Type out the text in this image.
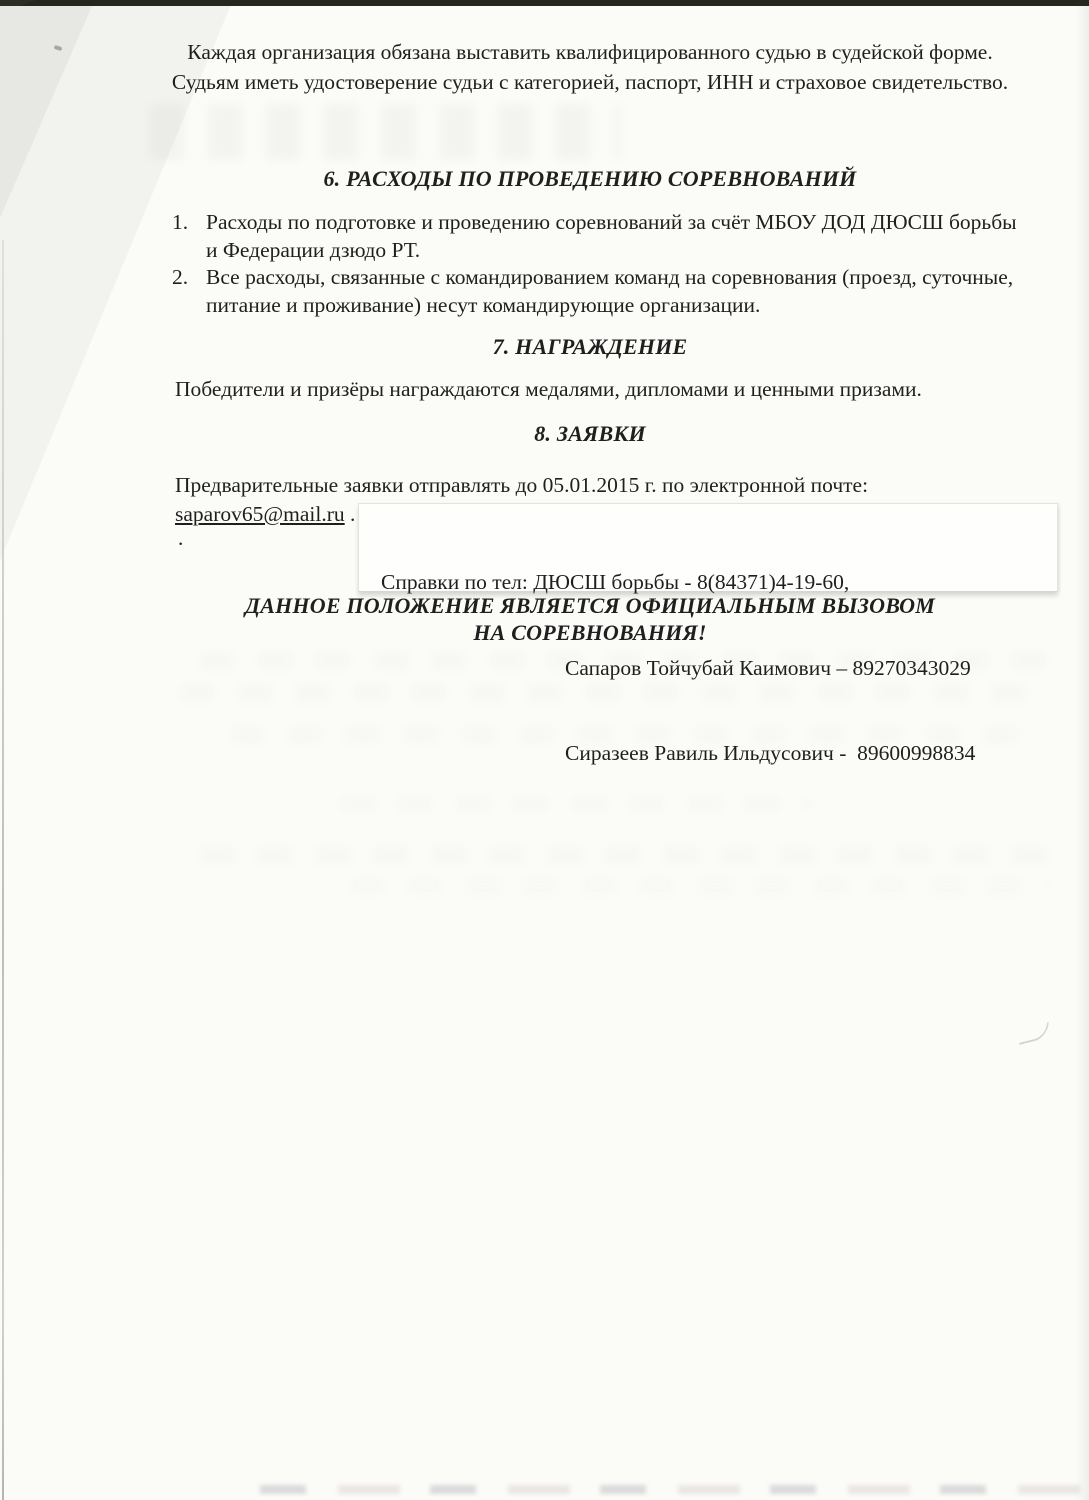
Каждая организация обязана выставить квалифицированного судью в судейской форме.
Судьям иметь удостоверение судьи с категорией, паспорт, ИНН и страховое свидетельство.
6. РАСХОДЫ ПО ПРОВЕДЕНИЮ СОРЕВНОВАНИЙ
1. Расходы по подготовке и проведению соревнований за счёт МБОУ ДОД ДЮСШ борьбы и Федерации дзюдо РТ.
2. Все расходы, связанные с командированием команд на соревнования (проезд, суточные, питание и проживание) несут командирующие организации.
7. НАГРАЖДЕНИЕ

Победители и призёры награждаются медалями, дипломами и ценными призами.

8. ЗАЯВКИ

Предварительные заявки отправлять до 05.01.2015 г. по электронной почте:
saparov65@mail.ru .

.

Справки по тел: ДЮСШ борьбы - 8(84371)4-19-60,

Сапаров Тойчубай Каимович – 89270343029

Сиразеев Равиль Ильдусович -  89600998834

ДАННОЕ ПОЛОЖЕНИЕ ЯВЛЯЕТСЯ ОФИЦИАЛЬНЫМ ВЫЗОВОМ
НА СОРЕВНОВАНИЯ!
